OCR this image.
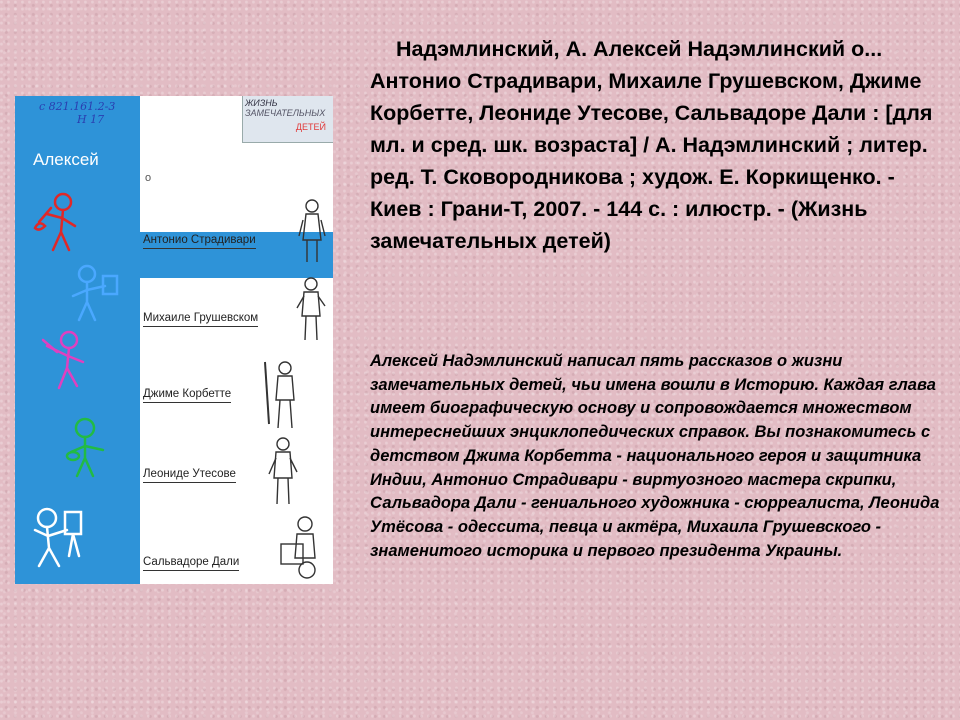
с 821.161.2-3
Н 17
ЖИЗНЬ
ЗАМЕЧАТЕЛЬНЫХ
ДЕТЕЙ
Алексей Надэмлинский
о
Антонио Страдивари
Михаиле Грушевском
Джиме Корбетте
Леониде Утесове
Сальвадоре Дали
Надэмлинский, А. Алексей Надэмлинский о... Антонио Страдивари, Михаиле Грушевском, Джиме Корбетте, Леониде Утесове, Сальвадоре Дали : [для мл. и сред. шк. возраста] / А. Надэмлинский ; литер. ред. Т. Сковородникова ; худож. Е. Коркищенко. - Киев : Грани-Т, 2007. - 144 с. : илюстр. - (Жизнь замечательных детей)
Алексей Надэмлинский написал пять рассказов о жизни замечательных детей, чьи имена вошли в Историю. Каждая глава имеет биографическую основу и сопровождается множеством интереснейших энциклопедических справок. Вы познакомитесь с детством Джима Корбетта - национального героя и защитника Индии, Антонио Страдивари - виртуозного мастера скрипки, Сальвадора Дали - гениального художника - сюрреалиста, Леонида Утёсова - одессита, певца и актёра, Михаила Грушевского - знаменитого историка и первого президента Украины.
